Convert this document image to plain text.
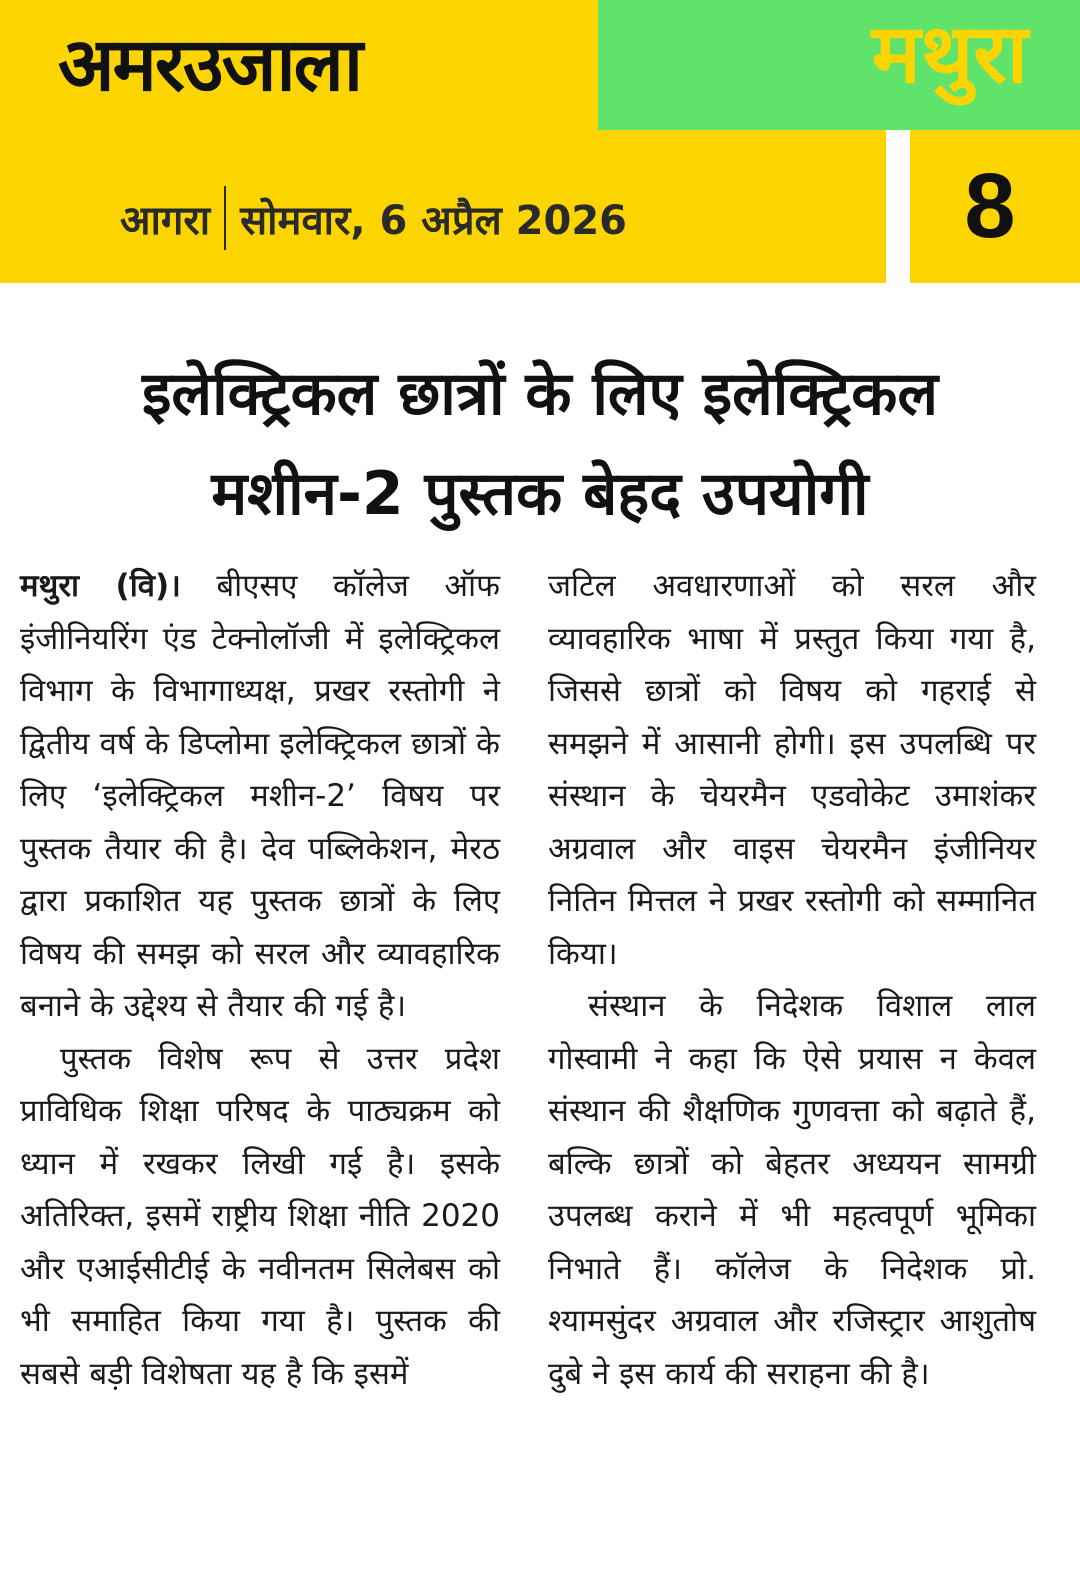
अमरउजाला	मथुरा
आगरा सोमवार, 6 अप्रैल 2026	8
इलेक्ट्रिकल छात्रों के लिए इलेक्ट्रिकल
मशीन-2 पुस्तक बेहद उपयोगी

मथुरा (वि)। बीएसए कॉलेज ऑफ इंजीनियरिंग एंड टेक्नोलॉजी में इलेक्ट्रिकल विभाग के विभागाध्यक्ष, प्रखर रस्तोगी ने द्वितीय वर्ष के डिप्लोमा इलेक्ट्रिकल छात्रों के लिए ‘इलेक्ट्रिकल मशीन-2’ विषय पर पुस्तक तैयार की है। देव पब्लिकेशन, मेरठ द्वारा प्रकाशित यह पुस्तक छात्रों के लिए विषय की समझ को सरल और व्यावहारिक बनाने के उद्देश्य से तैयार की गई है।

पुस्तक विशेष रूप से उत्तर प्रदेश प्राविधिक शिक्षा परिषद के पाठ्यक्रम को ध्यान में रखकर लिखी गई है। इसके अतिरिक्त, इसमें राष्ट्रीय शिक्षा नीति 2020 और एआईसीटीई के नवीनतम सिलेबस को भी समाहित किया गया है। पुस्तक की सबसे बड़ी विशेषता यह है कि इसमें

जटिल अवधारणाओं को सरल और व्यावहारिक भाषा में प्रस्तुत किया गया है, जिससे छात्रों को विषय को गहराई से समझने में आसानी होगी। इस उपलब्धि पर संस्थान के चेयरमैन एडवोकेट उमाशंकर अग्रवाल और वाइस चेयरमैन इंजीनियर नितिन मित्तल ने प्रखर रस्तोगी को सम्मानित किया।

संस्थान के निदेशक विशाल लाल गोस्वामी ने कहा कि ऐसे प्रयास न केवल संस्थान की शैक्षणिक गुणवत्ता को बढ़ाते हैं, बल्कि छात्रों को बेहतर अध्ययन सामग्री उपलब्ध कराने में भी महत्वपूर्ण भूमिका निभाते हैं। कॉलेज के निदेशक प्रो. श्यामसुंदर अग्रवाल और रजिस्ट्रार आशुतोष दुबे ने इस कार्य की सराहना की है।
